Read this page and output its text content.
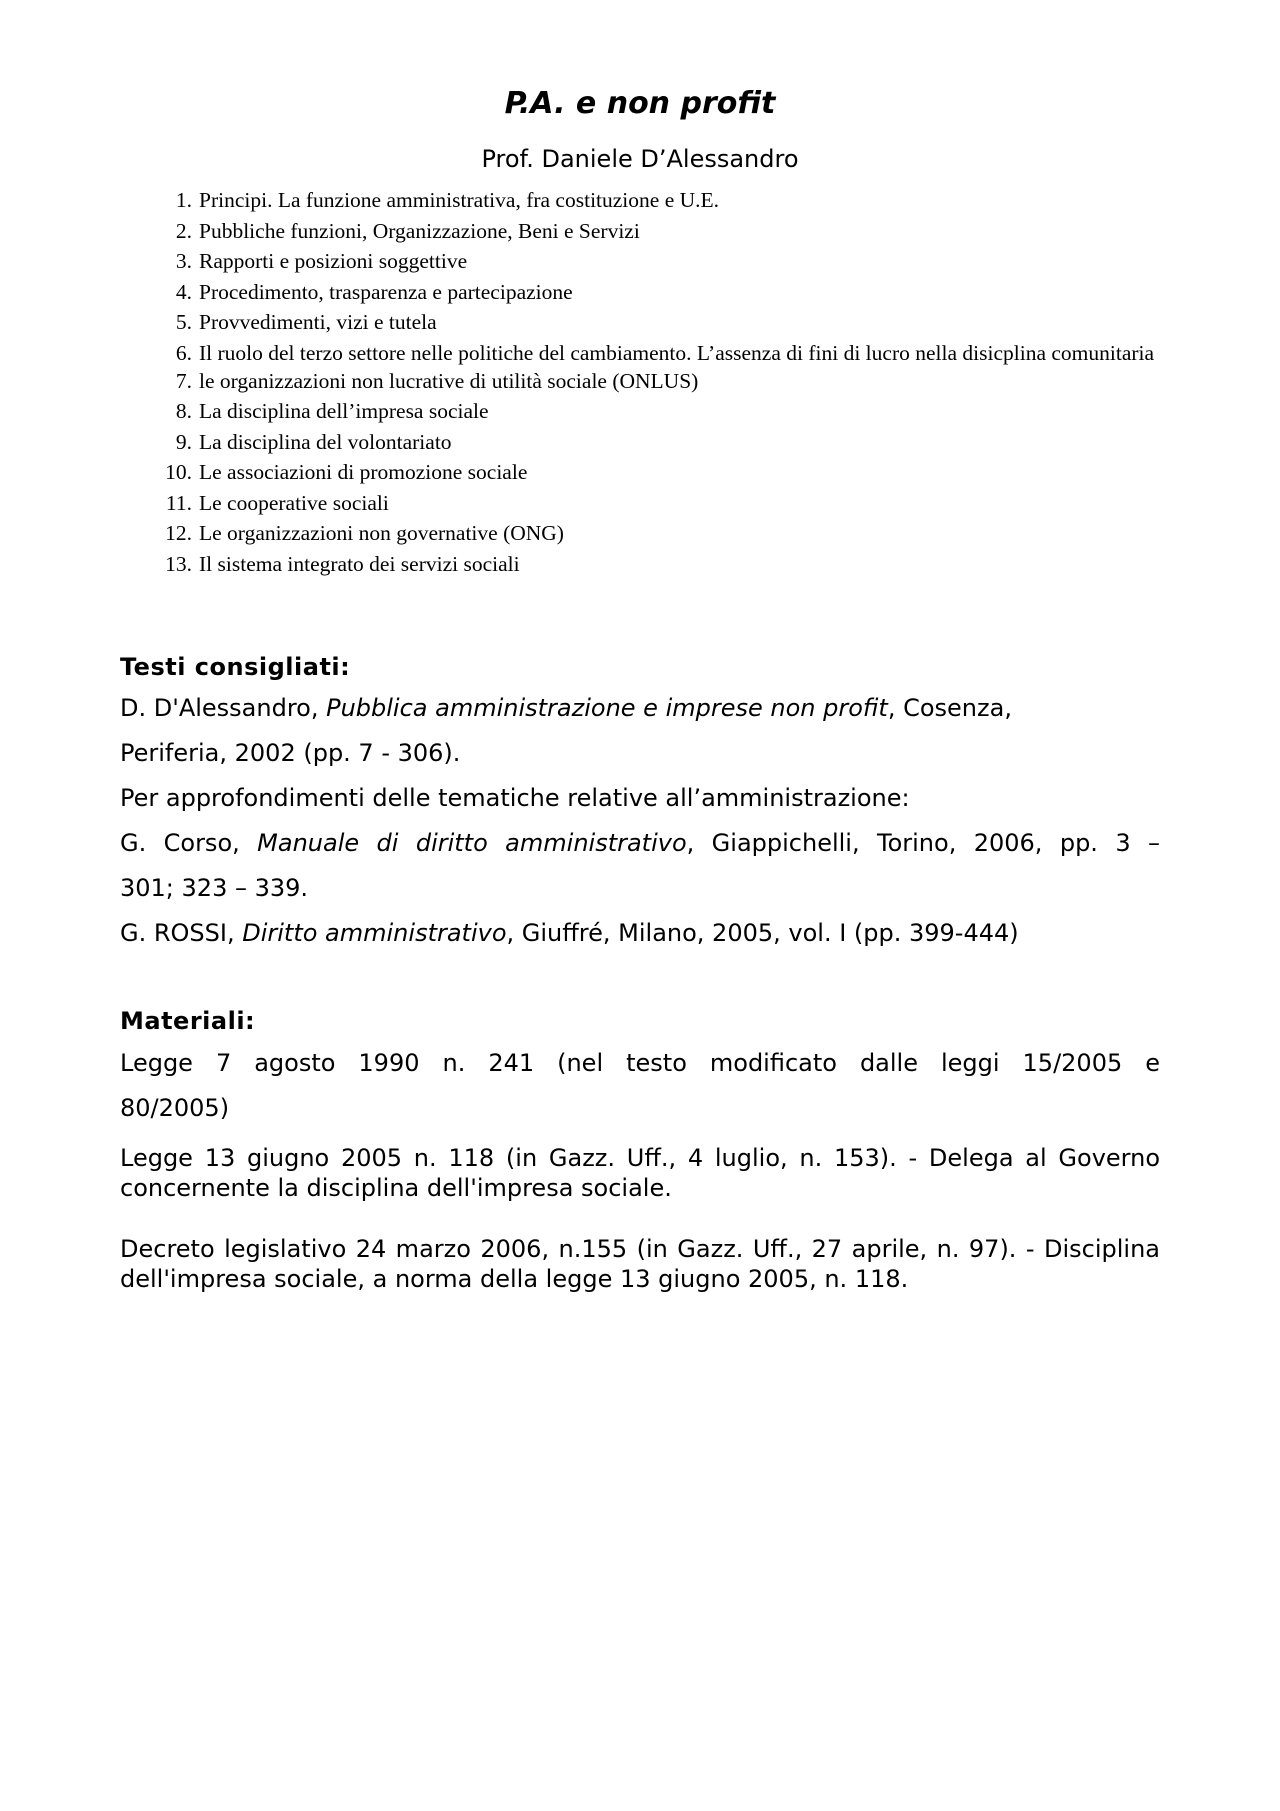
P.A. e non profit
Prof. Daniele D’Alessandro
1. Principi. La funzione amministrativa, fra costituzione e U.E.
2. Pubbliche funzioni, Organizzazione, Beni e Servizi
3. Rapporti e posizioni soggettive
4. Procedimento, trasparenza e partecipazione
5. Provvedimenti, vizi e tutela
6. Il ruolo del terzo settore nelle politiche del cambiamento. L’assenza di fini di lucro nella disicplina comunitaria
7. le organizzazioni non lucrative di utilità sociale (ONLUS)
8. La disciplina dell’impresa sociale
9. La disciplina del volontariato
10. Le associazioni di promozione sociale
11. Le cooperative sociali
12. Le organizzazioni non governative (ONG)
13. Il sistema integrato dei servizi sociali
Testi consigliati:
D. D'Alessandro, Pubblica amministrazione e imprese non profit, Cosenza,
Periferia, 2002 (pp. 7 - 306).
Per approfondimenti delle tematiche relative all’amministrazione:
G. Corso, Manuale di diritto amministrativo, Giappichelli, Torino, 2006, pp. 3 –
301; 323 – 339.
G. ROSSI, Diritto amministrativo, Giuffré, Milano, 2005, vol. I (pp. 399-444)
Materiali:
Legge 7 agosto 1990 n. 241 (nel testo modificato dalle leggi 15/2005 e
80/2005)
Legge 13 giugno 2005 n. 118 (in Gazz. Uff., 4 luglio, n. 153). - Delega al Governo concernente la disciplina dell'impresa sociale.
Decreto legislativo 24 marzo 2006, n.155 (in Gazz. Uff., 27 aprile, n. 97). - Disciplina dell'impresa sociale, a norma della legge 13 giugno 2005, n. 118.
